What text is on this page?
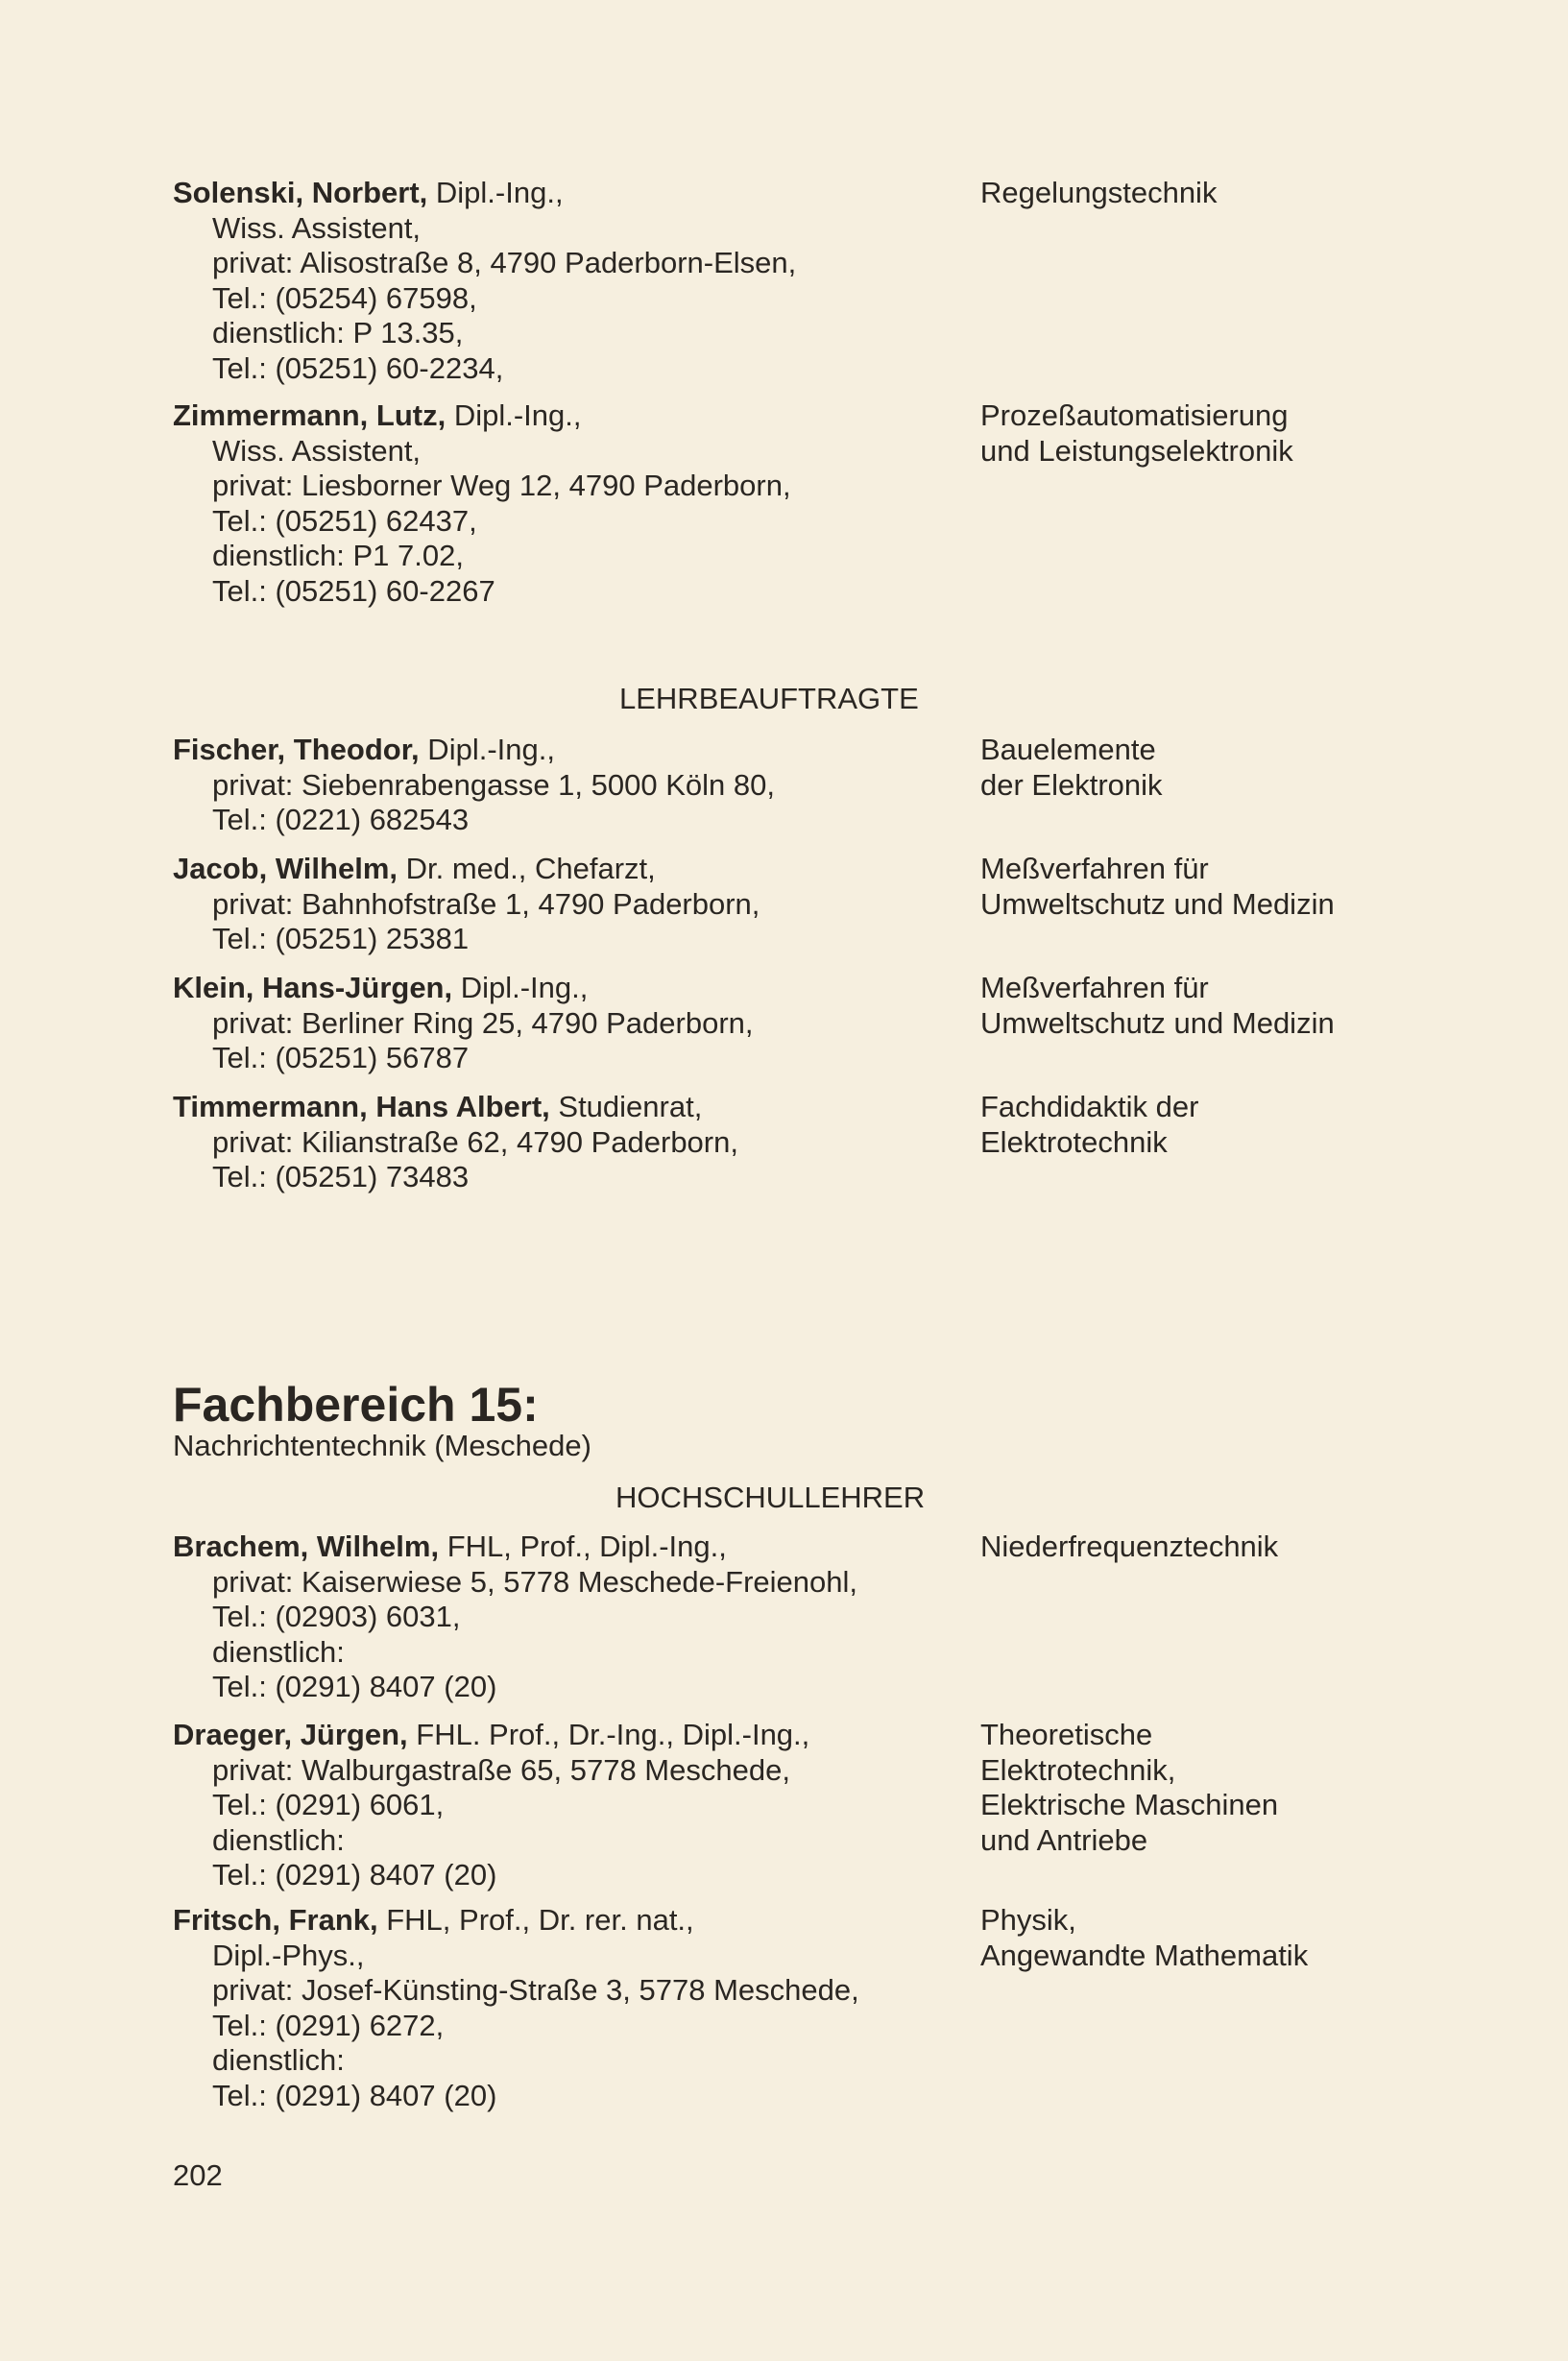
Solenski, Norbert, Dipl.-Ing.,
Wiss. Assistent,
privat: Alisostraße 8, 4790 Paderborn-Elsen,
Tel.: (05254) 67598,
dienstlich: P 13.35,
Tel.: (05251) 60-2234,
Regelungstechnik
Zimmermann, Lutz, Dipl.-Ing.,
Wiss. Assistent,
privat: Liesborner Weg 12, 4790 Paderborn,
Tel.: (05251) 62437,
dienstlich: P1 7.02,
Tel.: (05251) 60-2267
Prozeßautomatisierung
und Leistungselektronik
LEHRBEAUFTRAGTE
Fischer, Theodor, Dipl.-Ing.,
privat: Siebenrabengasse 1, 5000 Köln 80,
Tel.: (0221) 682543
Bauelemente
der Elektronik
Jacob, Wilhelm, Dr. med., Chefarzt,
privat: Bahnhofstraße 1, 4790 Paderborn,
Tel.: (05251) 25381
Meßverfahren für
Umweltschutz und Medizin
Klein, Hans-Jürgen, Dipl.-Ing.,
privat: Berliner Ring 25, 4790 Paderborn,
Tel.: (05251) 56787
Meßverfahren für
Umweltschutz und Medizin
Timmermann, Hans Albert, Studienrat,
privat: Kilianstraße 62, 4790 Paderborn,
Tel.: (05251) 73483
Fachdidaktik der
Elektrotechnik
Fachbereich 15:
Nachrichtentechnik (Meschede)
HOCHSCHULLEHRER
Brachem, Wilhelm, FHL, Prof., Dipl.-Ing.,
privat: Kaiserwiese 5, 5778 Meschede-Freienohl,
Tel.: (02903) 6031,
dienstlich:
Tel.: (0291) 8407 (20)
Niederfrequenztechnik
Draeger, Jürgen, FHL. Prof., Dr.-Ing., Dipl.-Ing.,
privat: Walburgastraße 65, 5778 Meschede,
Tel.: (0291) 6061,
dienstlich:
Tel.: (0291) 8407 (20)
Theoretische
Elektrotechnik,
Elektrische Maschinen
und Antriebe
Fritsch, Frank, FHL, Prof., Dr. rer. nat.,
Dipl.-Phys.,
privat: Josef-Künsting-Straße 3, 5778 Meschede,
Tel.: (0291) 6272,
dienstlich:
Tel.: (0291) 8407 (20)
Physik,
Angewandte Mathematik
202
